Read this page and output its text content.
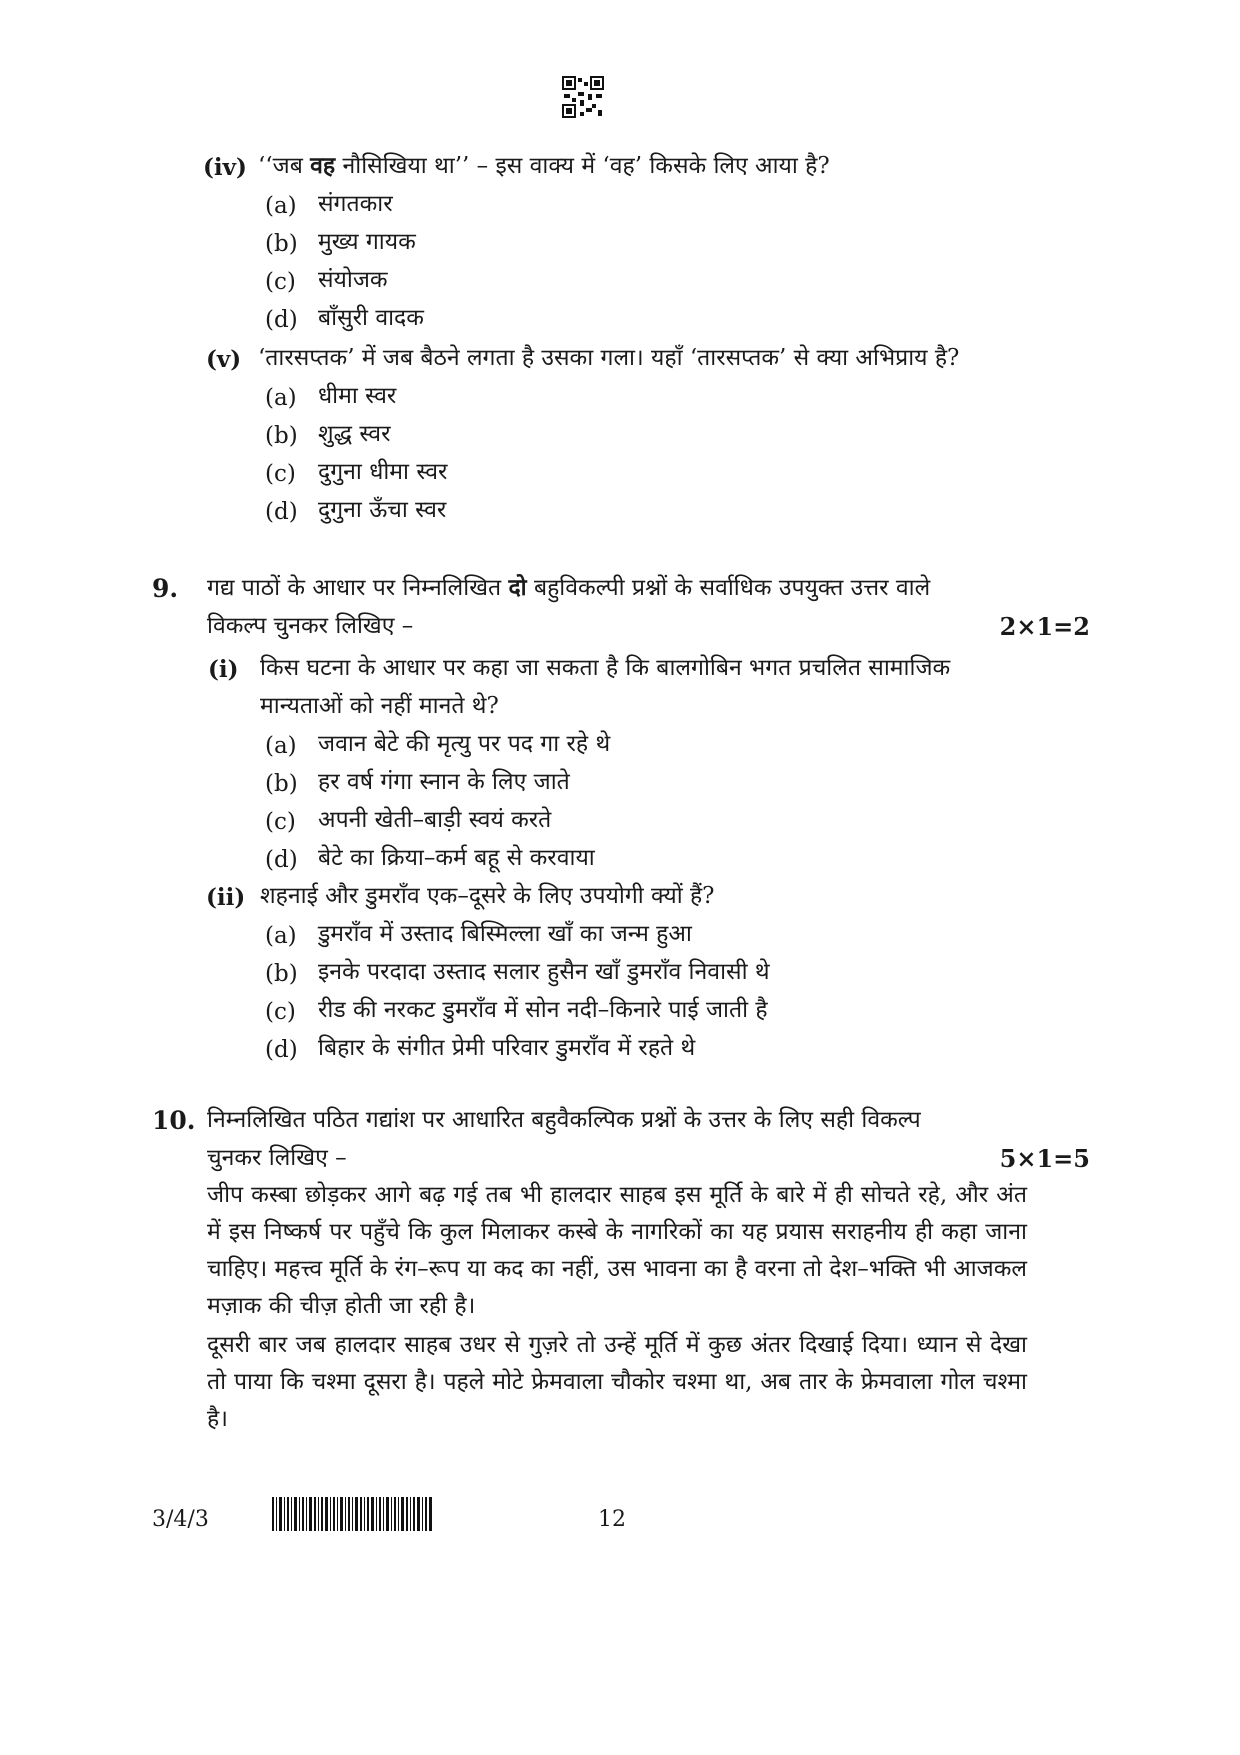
(iv) ‘‘जब वह नौसिखिया था’’ – इस वाक्य में ‘वह’ किसके लिए आया है?
(a) संगतकार
(b) मुख्य गायक
(c) संयोजक
(d) बाँसुरी वादक
(v) ‘तारसप्तक’ में जब बैठने लगता है उसका गला। यहाँ ‘तारसप्तक’ से क्या अभिप्राय है?
(a) धीमा स्वर
(b) शुद्ध स्वर
(c) दुगुना धीमा स्वर
(d) दुगुना ऊँचा स्वर
9. गद्य पाठों के आधार पर निम्नलिखित दो बहुविकल्पी प्रश्नों के सर्वाधिक उपयुक्त उत्तर वाले
विकल्प चुनकर लिखिए –	2×1=2
(i) किस घटना के आधार पर कहा जा सकता है कि बालगोबिन भगत प्रचलित सामाजिक
मान्यताओं को नहीं मानते थे?
(a) जवान बेटे की मृत्यु पर पद गा रहे थे
(b) हर वर्ष गंगा स्नान के लिए जाते
(c) अपनी खेती–बाड़ी स्वयं करते
(d) बेटे का क्रिया–कर्म बहू से करवाया
(ii) शहनाई और डुमराँव एक–दूसरे के लिए उपयोगी क्यों हैं?
(a) डुमराँव में उस्ताद बिस्मिल्ला खाँ का जन्म हुआ
(b) इनके परदादा उस्ताद सलार हुसैन खाँ डुमराँव निवासी थे
(c) रीड की नरकट डुमराँव में सोन नदी–किनारे पाई जाती है
(d) बिहार के संगीत प्रेमी परिवार डुमराँव में रहते थे
10. निम्नलिखित पठित गद्यांश पर आधारित बहुवैकल्पिक प्रश्नों के उत्तर के लिए सही विकल्प
चुनकर लिखिए –	5×1=5
जीप कस्बा छोड़कर आगे बढ़ गई तब भी हालदार साहब इस मूर्ति के बारे में ही सोचते रहे, और अंत में इस निष्कर्ष पर पहुँचे कि कुल मिलाकर कस्बे के नागरिकों का यह प्रयास सराहनीय ही कहा जाना चाहिए। महत्त्व मूर्ति के रंग–रूप या कद का नहीं, उस भावना का है वरना तो देश–भक्ति भी आजकल मज़ाक की चीज़ होती जा रही है।
दूसरी बार जब हालदार साहब उधर से गुज़रे तो उन्हें मूर्ति में कुछ अंतर दिखाई दिया। ध्यान से देखा तो पाया कि चश्मा दूसरा है। पहले मोटे फ्रेमवाला चौकोर चश्मा था, अब तार के फ्रेमवाला गोल चश्मा है।
3/4/3	12
